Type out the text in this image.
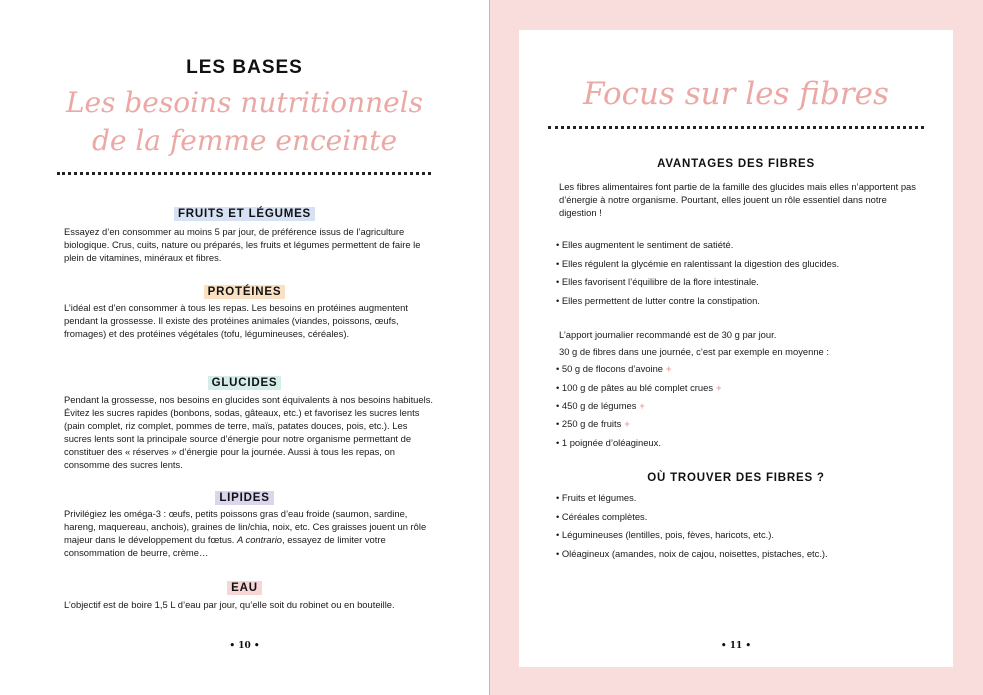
LES BASES
Les besoins nutritionnels
de la femme enceinte
FRUITS ET LÉGUMES
Essayez d’en consommer au moins 5 par jour, de préférence issus de l’agriculture biologique. Crus, cuits, nature ou préparés, les fruits et légumes permettent de faire le plein de vitamines, minéraux et fibres.
PROTÉINES
L’idéal est d’en consommer à tous les repas. Les besoins en protéines augmentent pendant la grossesse. Il existe des protéines animales (viandes, poissons, œufs, fromages) et des protéines végétales (tofu, légumineuses, céréales).
GLUCIDES
Pendant la grossesse, nos besoins en glucides sont équivalents à nos besoins habituels. Évitez les sucres rapides (bonbons, sodas, gâteaux, etc.) et favorisez les sucres lents (pain complet, riz complet, pommes de terre, maïs, patates douces, pois, etc.). Les sucres lents sont la principale source d’énergie pour notre organisme permettant de constituer des « réserves » d’énergie pour la journée. Aussi à tous les repas, on consomme des sucres lents.
LIPIDES
Privilégiez les oméga-3 : œufs, petits poissons gras d’eau froide (saumon, sardine, hareng, maquereau, anchois), graines de lin/chia, noix, etc. Ces graisses jouent un rôle majeur dans le développement du fœtus. A contrario, essayez de limiter votre consommation de beurre, crème…
EAU
L’objectif est de boire 1,5 L d’eau par jour, qu’elle soit du robinet ou en bouteille.
• 10 •
Focus sur les fibres
AVANTAGES DES FIBRES
Les fibres alimentaires font partie de la famille des glucides mais elles n’apportent pas d’énergie à notre organisme. Pourtant, elles jouent un rôle essentiel dans notre digestion !
• Elles augmentent le sentiment de satiété.
• Elles régulent la glycémie en ralentissant la digestion des glucides.
• Elles favorisent l’équilibre de la flore intestinale.
• Elles permettent de lutter contre la constipation.
L’apport journalier recommandé est de 30 g par jour.
30 g de fibres dans une journée, c’est par exemple en moyenne :
• 50 g de flocons d’avoine +
• 100 g de pâtes au blé complet crues +
• 450 g de légumes +
• 250 g de fruits +
• 1 poignée d’oléagineux.
OÙ TROUVER DES FIBRES ?
• Fruits et légumes.
• Céréales complètes.
• Légumineuses (lentilles, pois, fèves, haricots, etc.).
• Oléagineux (amandes, noix de cajou, noisettes, pistaches, etc.).
• 11 •
